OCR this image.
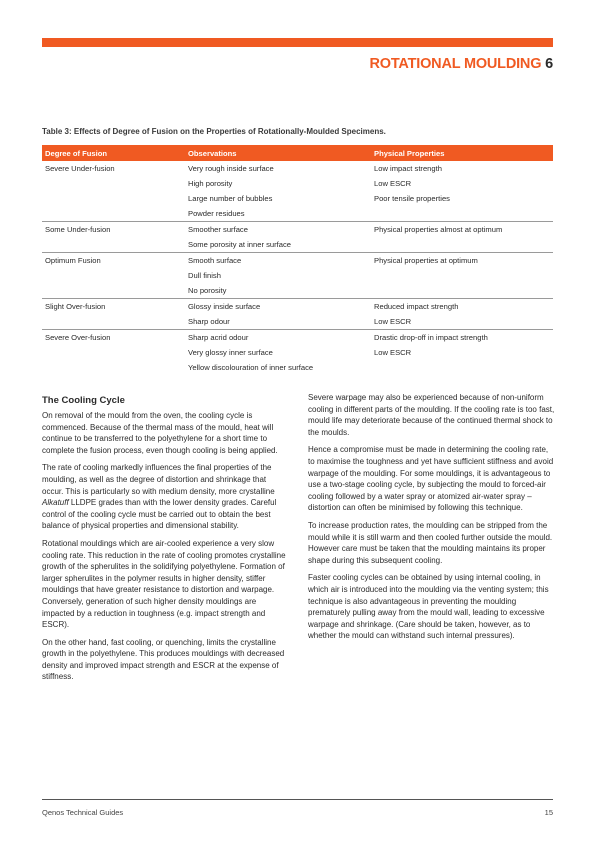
ROTATIONAL MOULDING 6
Table 3: Effects of Degree of Fusion on the Properties of Rotationally-Moulded Specimens.
Degree of Fusion	Observations	Physical Properties
Severe Under-fusion	Very rough inside surface	Low impact strength
	High porosity	Low ESCR
	Large number of bubbles	Poor tensile properties
	Powder residues	
Some Under-fusion	Smoother surface	Physical properties almost at optimum
	Some porosity at inner surface	
Optimum Fusion	Smooth surface	Physical properties at optimum
	Dull finish	
	No porosity	
Slight Over-fusion	Glossy inside surface	Reduced impact strength
	Sharp odour	Low ESCR
Severe Over-fusion	Sharp acrid odour	Drastic drop-off in impact strength
	Very glossy inner surface	Low ESCR
	Yellow discolouration of inner surface	
The Cooling Cycle

On removal of the mould from the oven, the cooling cycle is commenced. Because of the thermal mass of the mould, heat will continue to be transferred to the polyethylene for a short time to complete the fusion process, even though cooling is being applied.

The rate of cooling markedly influences the final properties of the moulding, as well as the degree of distortion and shrinkage that occur. This is particularly so with medium density, more crystalline Alkatuff LLDPE grades than with the lower density grades. Careful control of the cooling cycle must be carried out to obtain the best balance of physical properties and dimensional stability.

Rotational mouldings which are air-cooled experience a very slow cooling rate. This reduction in the rate of cooling promotes crystalline growth of the spherulites in the solidifying polyethylene. Formation of larger spherulites in the polymer results in higher density, stiffer mouldings that have greater resistance to distortion and warpage. Conversely, generation of such higher density mouldings are impacted by a reduction in toughness (e.g. impact strength and ESCR).

On the other hand, fast cooling, or quenching, limits the crystalline growth in the polyethylene. This produces mouldings with decreased density and improved impact strength and ESCR at the expense of stiffness.

Severe warpage may also be experienced because of non-uniform cooling in different parts of the moulding. If the cooling rate is too fast, mould life may deteriorate because of the continued thermal shock to the moulds.

Hence a compromise must be made in determining the cooling rate, to maximise the toughness and yet have sufficient stiffness and avoid warpage of the moulding. For some mouldings, it is advantageous to use a two-stage cooling cycle, by subjecting the mould to forced-air cooling followed by a water spray or atomized air-water spray – distortion can often be minimised by following this technique.

To increase production rates, the moulding can be stripped from the mould while it is still warm and then cooled further outside the mould. However care must be taken that the moulding maintains its proper shape during this subsequent cooling.

Faster cooling cycles can be obtained by using internal cooling, in which air is introduced into the moulding via the venting system; this technique is also advantageous in preventing the moulding prematurely pulling away from the mould wall, leading to excessive warpage and shrinkage. (Care should be taken, however, as to whether the mould can withstand such internal pressures).

Qenos Technical Guides	15
